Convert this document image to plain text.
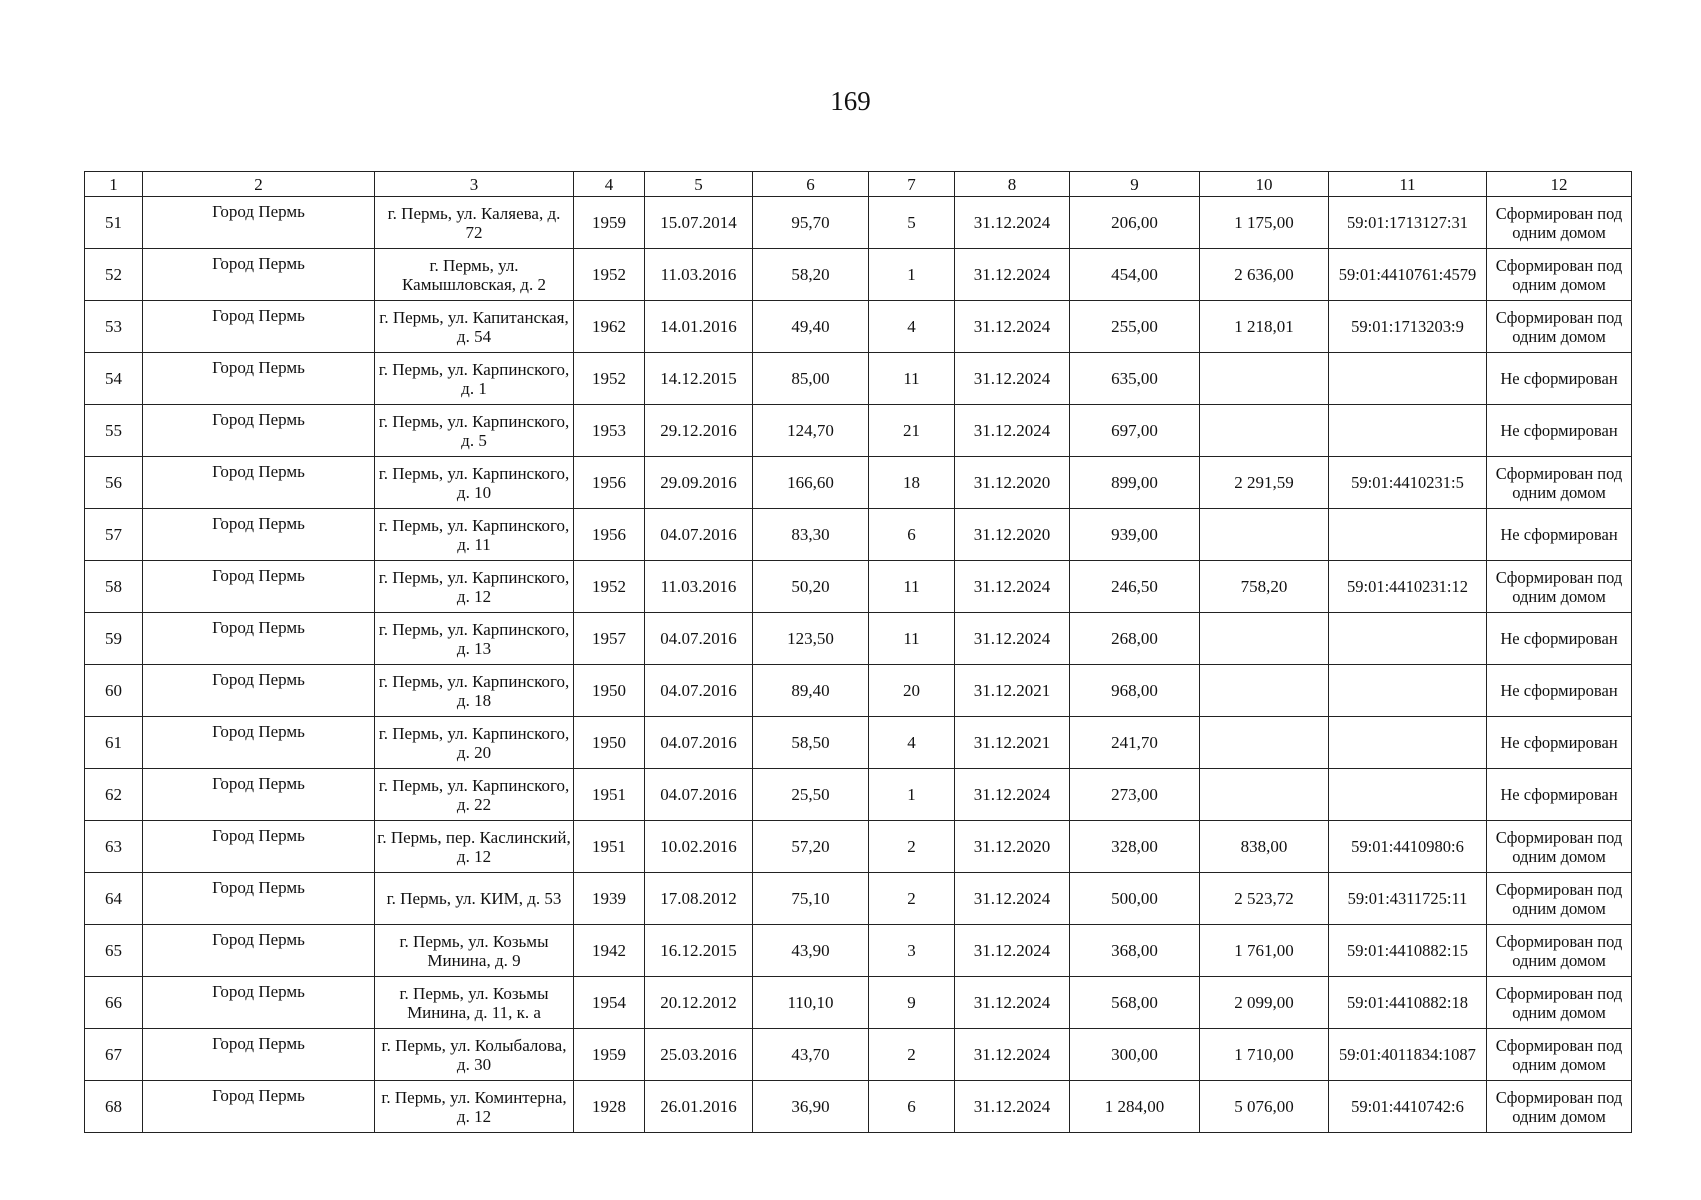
169
1	2	3	4	5	6	7	8	9	10	11	12
51	Город Пермь	г. Пермь, ул. Каляева, д. 72	1959	15.07.2014	95,70	5	31.12.2024	206,00	1 175,00	59:01:1713127:31	Сформирован под одним домом
52	Город Пермь	г. Пермь, ул. Камышловская, д. 2	1952	11.03.2016	58,20	1	31.12.2024	454,00	2 636,00	59:01:4410761:4579	Сформирован под одним домом
53	Город Пермь	г. Пермь, ул. Капитанская, д. 54	1962	14.01.2016	49,40	4	31.12.2024	255,00	1 218,01	59:01:1713203:9	Сформирован под одним домом
54	Город Пермь	г. Пермь, ул. Карпинского, д. 1	1952	14.12.2015	85,00	11	31.12.2024	635,00			Не сформирован
55	Город Пермь	г. Пермь, ул. Карпинского, д. 5	1953	29.12.2016	124,70	21	31.12.2024	697,00			Не сформирован
56	Город Пермь	г. Пермь, ул. Карпинского, д. 10	1956	29.09.2016	166,60	18	31.12.2020	899,00	2 291,59	59:01:4410231:5	Сформирован под одним домом
57	Город Пермь	г. Пермь, ул. Карпинского, д. 11	1956	04.07.2016	83,30	6	31.12.2020	939,00			Не сформирован
58	Город Пермь	г. Пермь, ул. Карпинского, д. 12	1952	11.03.2016	50,20	11	31.12.2024	246,50	758,20	59:01:4410231:12	Сформирован под одним домом
59	Город Пермь	г. Пермь, ул. Карпинского, д. 13	1957	04.07.2016	123,50	11	31.12.2024	268,00			Не сформирован
60	Город Пермь	г. Пермь, ул. Карпинского, д. 18	1950	04.07.2016	89,40	20	31.12.2021	968,00			Не сформирован
61	Город Пермь	г. Пермь, ул. Карпинского, д. 20	1950	04.07.2016	58,50	4	31.12.2021	241,70			Не сформирован
62	Город Пермь	г. Пермь, ул. Карпинского, д. 22	1951	04.07.2016	25,50	1	31.12.2024	273,00			Не сформирован
63	Город Пермь	г. Пермь, пер. Каслинский, д. 12	1951	10.02.2016	57,20	2	31.12.2020	328,00	838,00	59:01:4410980:6	Сформирован под одним домом
64	Город Пермь	г. Пермь, ул. КИМ, д. 53	1939	17.08.2012	75,10	2	31.12.2024	500,00	2 523,72	59:01:4311725:11	Сформирован под одним домом
65	Город Пермь	г. Пермь, ул. Козьмы Минина, д. 9	1942	16.12.2015	43,90	3	31.12.2024	368,00	1 761,00	59:01:4410882:15	Сформирован под одним домом
66	Город Пермь	г. Пермь, ул. Козьмы Минина, д. 11, к. а	1954	20.12.2012	110,10	9	31.12.2024	568,00	2 099,00	59:01:4410882:18	Сформирован под одним домом
67	Город Пермь	г. Пермь, ул. Колыбалова, д. 30	1959	25.03.2016	43,70	2	31.12.2024	300,00	1 710,00	59:01:4011834:1087	Сформирован под одним домом
68	Город Пермь	г. Пермь, ул. Коминтерна, д. 12	1928	26.01.2016	36,90	6	31.12.2024	1 284,00	5 076,00	59:01:4410742:6	Сформирован под одним домом
